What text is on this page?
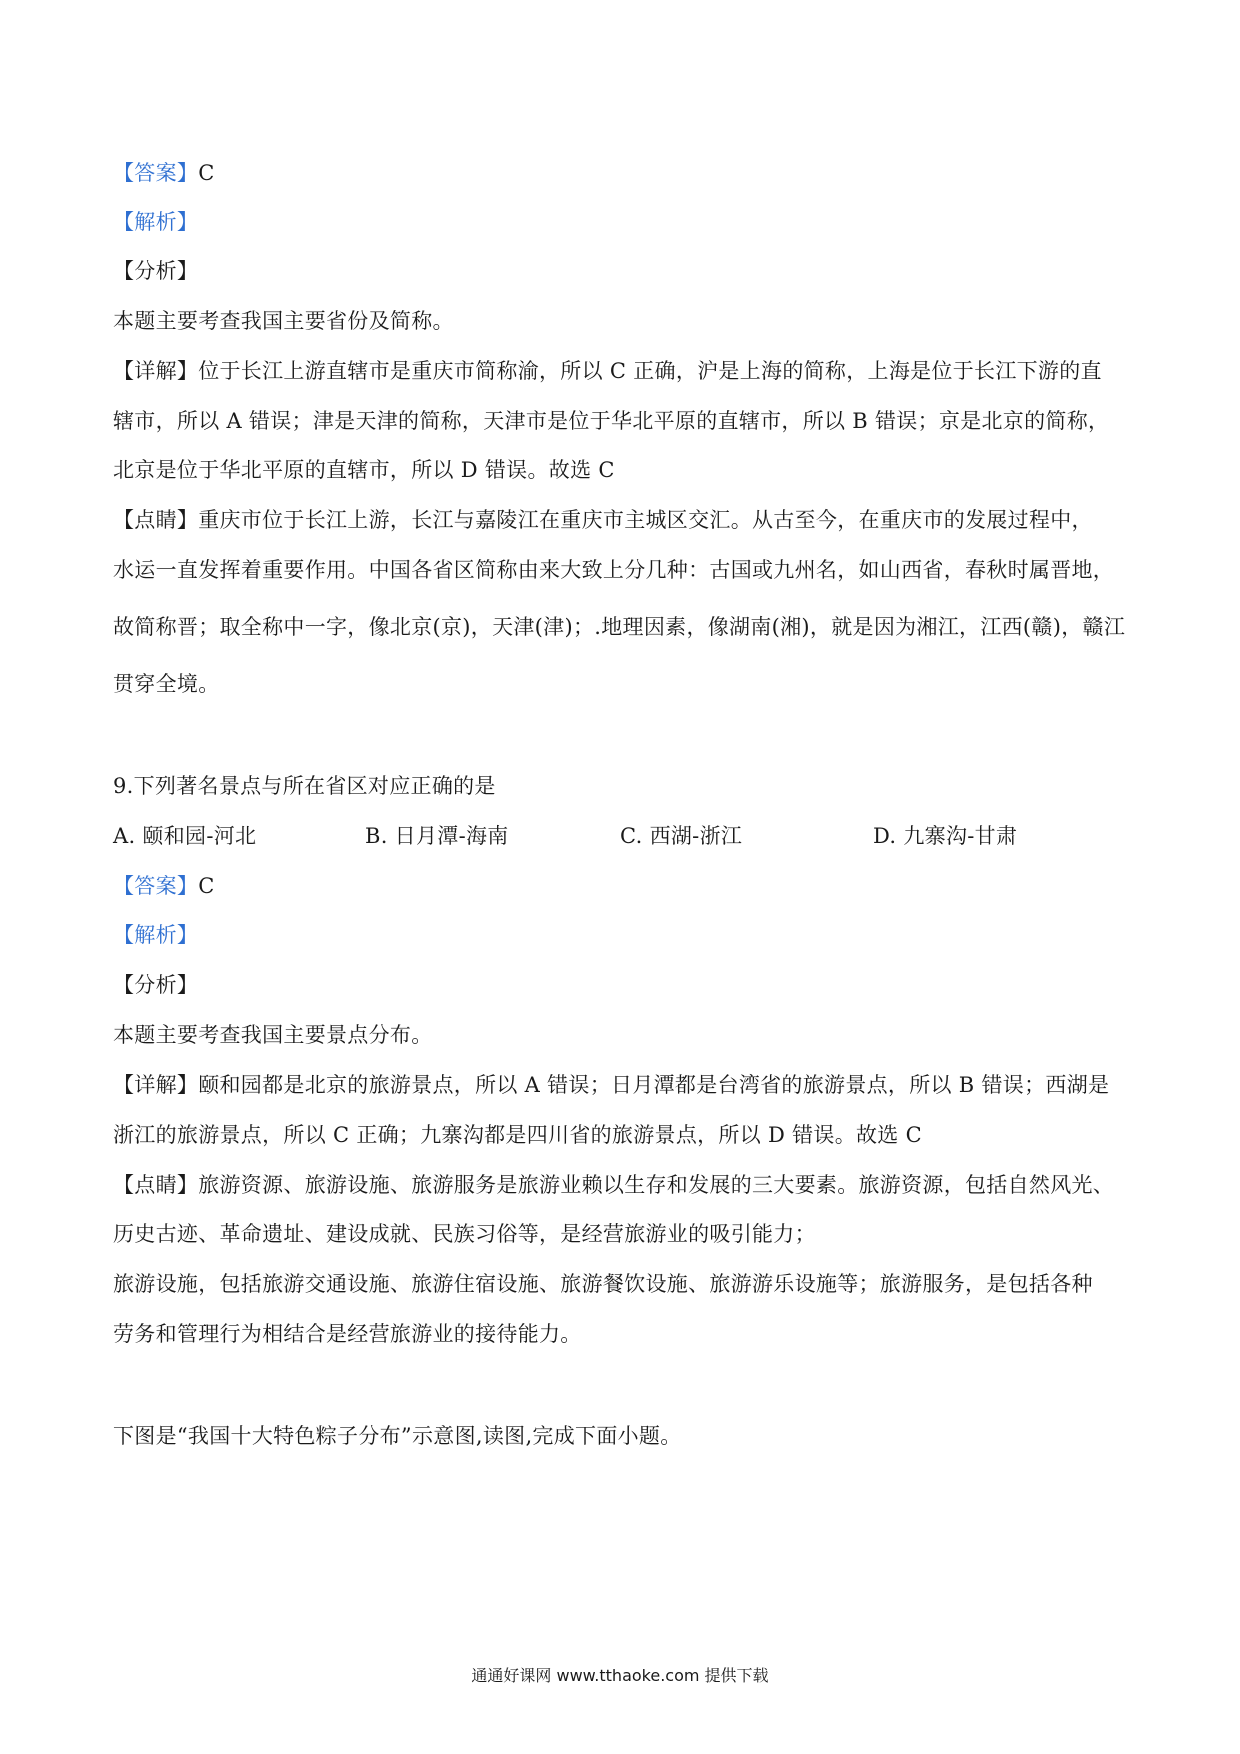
【答案】C
【解析】
【分析】
本题主要考查我国主要省份及简称。
【详解】位于长江上游直辖市是重庆市简称渝，所以 C 正确，沪是上海的简称，上海是位于长江下游的直
辖市，所以 A 错误；津是天津的简称，天津市是位于华北平原的直辖市，所以 B 错误；京是北京的简称，
北京是位于华北平原的直辖市，所以 D 错误。故选 C
【点睛】重庆市位于长江上游，长江与嘉陵江在重庆市主城区交汇。从古至今，在重庆市的发展过程中，
水运一直发挥着重要作用。中国各省区简称由来大致上分几种：古国或九州名，如山西省，春秋时属晋地，
故简称晋；取全称中一字，像北京(京)，天津(津)；.地理因素，像湖南(湘)，就是因为湘江，江西(赣)，赣江
贯穿全境。
9.下列著名景点与所在省区对应正确的是
A. 颐和园-河北	B. 日月潭-海南	C. 西湖-浙江	D. 九寨沟-甘肃
【答案】C
【解析】
【分析】
本题主要考查我国主要景点分布。
【详解】颐和园都是北京的旅游景点，所以 A 错误；日月潭都是台湾省的旅游景点，所以 B 错误；西湖是
浙江的旅游景点，所以 C 正确；九寨沟都是四川省的旅游景点，所以 D 错误。故选 C
【点睛】旅游资源、旅游设施、旅游服务是旅游业赖以生存和发展的三大要素。旅游资源，包括自然风光、
历史古迹、革命遗址、建设成就、民族习俗等，是经营旅游业的吸引能力；
旅游设施，包括旅游交通设施、旅游住宿设施、旅游餐饮设施、旅游游乐设施等；旅游服务，是包括各种
劳务和管理行为相结合是经营旅游业的接待能力。
下图是“我国十大特色粽子分布”示意图,读图,完成下面小题。
通通好课网 www.tthaoke.com 提供下载
